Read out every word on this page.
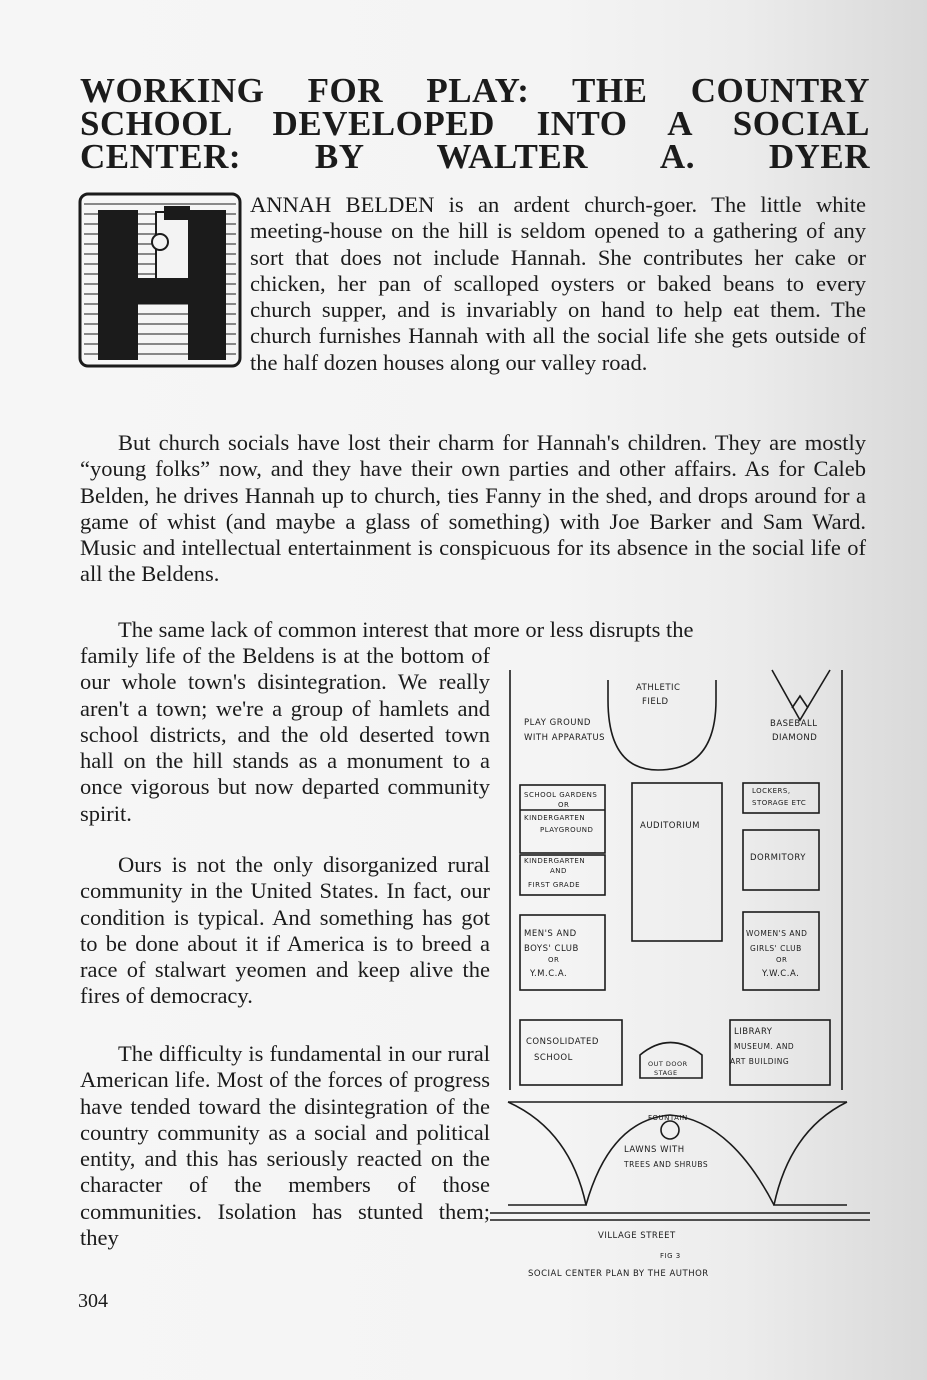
WORKING FOR PLAY: THE COUNTRY
SCHOOL DEVELOPED INTO A SOCIAL
CENTER: BY WALTER A. DYER

ANNAH BELDEN is an ardent church-goer. The little white meeting-house on the hill is seldom opened to a gathering of any sort that does not include Hannah. She contributes her cake or chicken, her pan of scalloped oysters or baked beans to every church supper, and is invariably on hand to help eat them. The church furnishes Hannah with all the social life she gets outside of the half dozen houses along our valley road.

But church socials have lost their charm for Hannah's children. They are mostly “young folks” now, and they have their own parties and other affairs. As for Caleb Belden, he drives Hannah up to church, ties Fanny in the shed, and drops around for a game of whist (and maybe a glass of something) with Joe Barker and Sam Ward. Music and intellectual entertainment is conspicuous for its absence in the social life of all the Beldens.

The same lack of common interest that more or less disrupts the

family life of the Beldens is at the bottom of our whole town's disintegration. We really aren't a town; we're a group of hamlets and school districts, and the old deserted town hall on the hill stands as a monument to a once vigorous but now departed community spirit.

Ours is not the only disorganized rural community in the United States. In fact, our condition is typical. And something has got to be done about it if America is to breed a race of stalwart yeomen and keep alive the fires of democracy.

The difficulty is fundamental in our rural American life. Most of the forces of progress have tended toward the disintegration of the country community as a social and political entity, and this has seriously reacted on the character of the members of those communities. Isolation has stunted them; they

ATHLETIC
FIELD
PLAY GROUND
WITH APPARATUS
BASEBALL
DIAMOND
SCHOOL GARDENS
OR
KINDERGARTEN
PLAYGROUND	AUDITORIUM
LOCKERS,
STORAGE ETC
KINDERGARTEN
AND
FIRST GRADE
DORMITORY
MEN'S AND
BOYS' CLUB
OR
Y.M.C.A.
WOMEN'S AND
GIRLS' CLUB
OR
Y.W.C.A.
CONSOLIDATED
SCHOOL
OUT DOOR
STAGE
LIBRARY
MUSEUM. AND
ART BUILDING
FOUNTAIN
LAWNS WITH
TREES AND SHRUBS
VILLAGE STREET
FIG 3
SOCIAL CENTER PLAN BY THE AUTHOR
304
